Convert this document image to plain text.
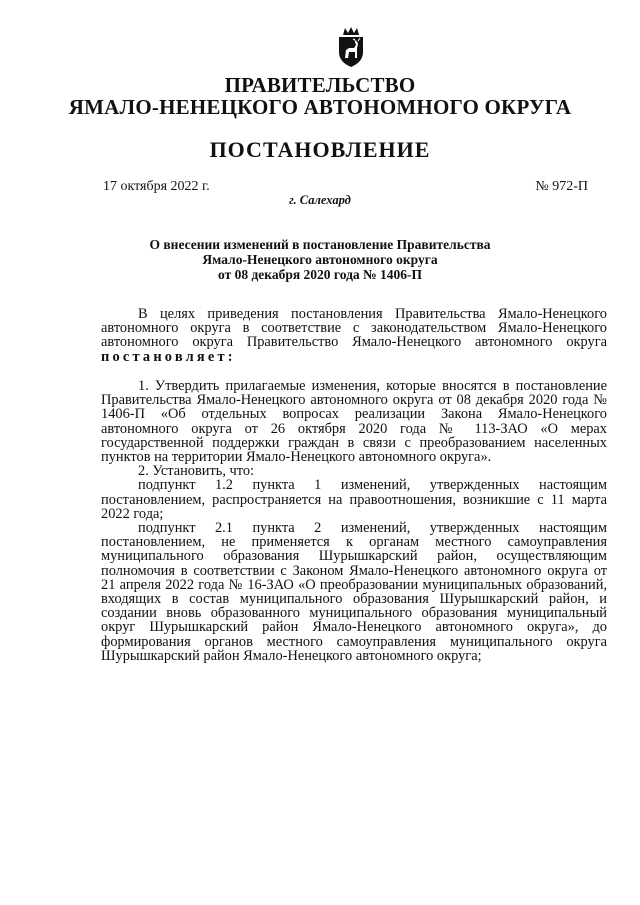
ПРАВИТЕЛЬСТВО
ЯМАЛО-НЕНЕЦКОГО АВТОНОМНОГО ОКРУГА
ПОСТАНОВЛЕНИЕ
17 октября 2022 г.	№ 972-П
г. Салехард
О внесении изменений в постановление Правительства
Ямало-Ненецкого автономного округа
от 08 декабря 2020 года № 1406-П

В целях приведения постановления Правительства Ямало-Ненецкого автономного округа в соответствие с законодательством Ямало-Ненецкого автономного округа Правительство Ямало-Ненецкого автономного округа постановляет:

1. Утвердить прилагаемые изменения, которые вносятся в постановление Правительства Ямало-Ненецкого автономного округа от 08 декабря 2020 года № 1406-П «Об отдельных вопросах реализации Закона Ямало-Ненецкого автономного округа от 26 октября 2020 года № 113-ЗАО «О мерах государственной поддержки граждан в связи с преобразованием населенных пунктов на территории Ямало-Ненецкого автономного округа».

2. Установить, что:

подпункт 1.2 пункта 1 изменений, утвержденных настоящим постановлением, распространяется на правоотношения, возникшие с 11 марта 2022 года;

подпункт 2.1 пункта 2 изменений, утвержденных настоящим постановлением, не применяется к органам местного самоуправления муниципального образования Шурышкарский район, осуществляющим полномочия в соответствии с Законом Ямало-Ненецкого автономного округа от 21 апреля 2022 года № 16-ЗАО «О преобразовании муниципальных образований, входящих в состав муниципального образования Шурышкарский район, и создании вновь образованного муниципального образования муниципальный округ Шурышкарский район Ямало-Ненецкого автономного округа», до формирования органов местного самоуправления муниципального округа Шурышкарский район Ямало-Ненецкого автономного округа;
